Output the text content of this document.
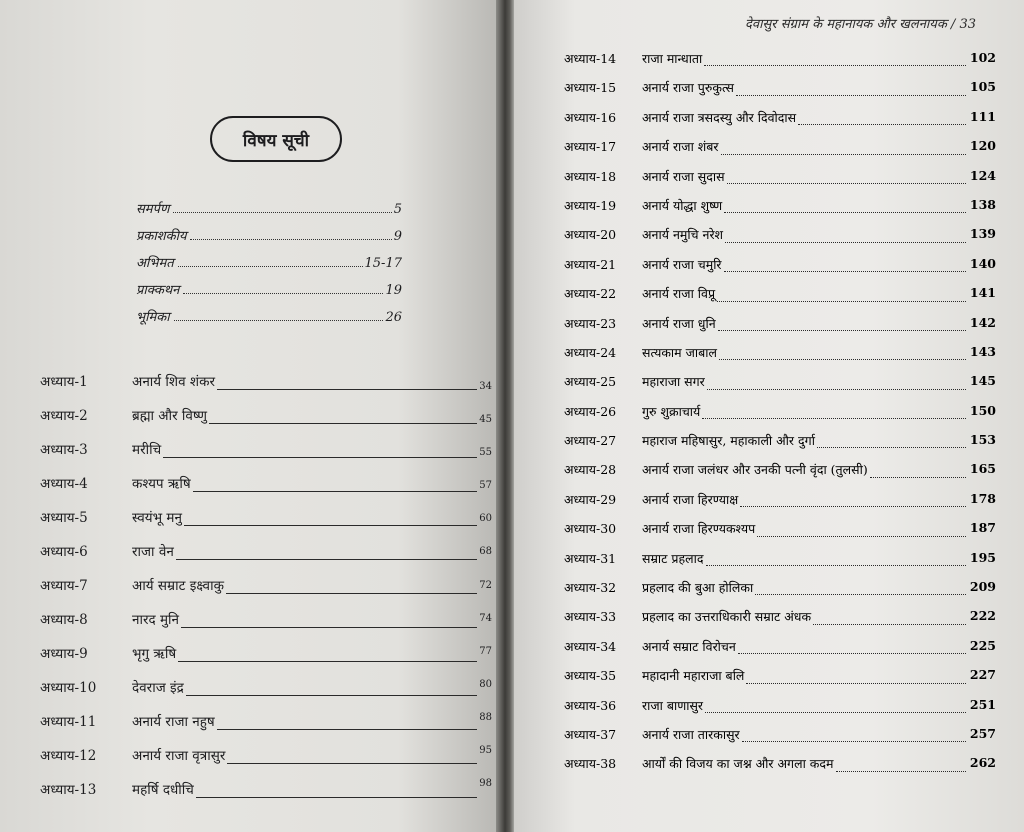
विषय सूची
समर्पण	5
प्रकाशकीय	9
अभिमत	15-17
प्राक्कथन	19
भूमिका	26
अध्याय-1	अनार्य शिव शंकर	34
अध्याय-2	ब्रह्मा और विष्णु	45
अध्याय-3	मरीचि	55
अध्याय-4	कश्यप ऋषि	57
अध्याय-5	स्वयंभू मनु	60
अध्याय-6	राजा वेन	68
अध्याय-7	आर्य सम्राट इक्ष्वाकु	72
अध्याय-8	नारद मुनि	74
अध्याय-9	भृगु ऋषि	77
अध्याय-10	देवराज इंद्र	80
अध्याय-11	अनार्य राजा नहुष	88
अध्याय-12	अनार्य राजा वृत्रासुर	95
अध्याय-13	महर्षि दधीचि	98
देवासुर संग्राम के महानायक और खलनायक / 33
अध्याय-14 राजा मान्धाता	102
अध्याय-15 अनार्य राजा पुरुकुत्स	105
अध्याय-16 अनार्य राजा त्रसदस्यु और दिवोदास	111
अध्याय-17 अनार्य राजा शंबर	120
अध्याय-18 अनार्य राजा सुदास	124
अध्याय-19 अनार्य योद्धा शुष्ण	138
अध्याय-20 अनार्य नमुचि नरेश	139
अध्याय-21 अनार्य राजा चमुरि	140
अध्याय-22 अनार्य राजा विप्रू	141
अध्याय-23 अनार्य राजा धुनि	142
अध्याय-24 सत्यकाम जाबाल	143
अध्याय-25 महाराजा सगर	145
अध्याय-26 गुरु शुक्राचार्य	150
अध्याय-27 महाराज महिषासुर, महाकाली और दुर्गा	153
अध्याय-28 अनार्य राजा जलंधर और उनकी पत्नी वृंदा (तुलसी)	165
अध्याय-29 अनार्य राजा हिरण्याक्ष	178
अध्याय-30 अनार्य राजा हिरण्यकश्यप	187
अध्याय-31 सम्राट प्रहलाद	195
अध्याय-32 प्रहलाद की बुआ होलिका	209
अध्याय-33 प्रहलाद का उत्तराधिकारी सम्राट अंधक	222
अध्याय-34 अनार्य सम्राट विरोचन	225
अध्याय-35 महादानी महाराजा बलि	227
अध्याय-36 राजा बाणासुर	251
अध्याय-37 अनार्य राजा तारकासुर	257
अध्याय-38 आर्यों की विजय का जश्न और अगला कदम	262
